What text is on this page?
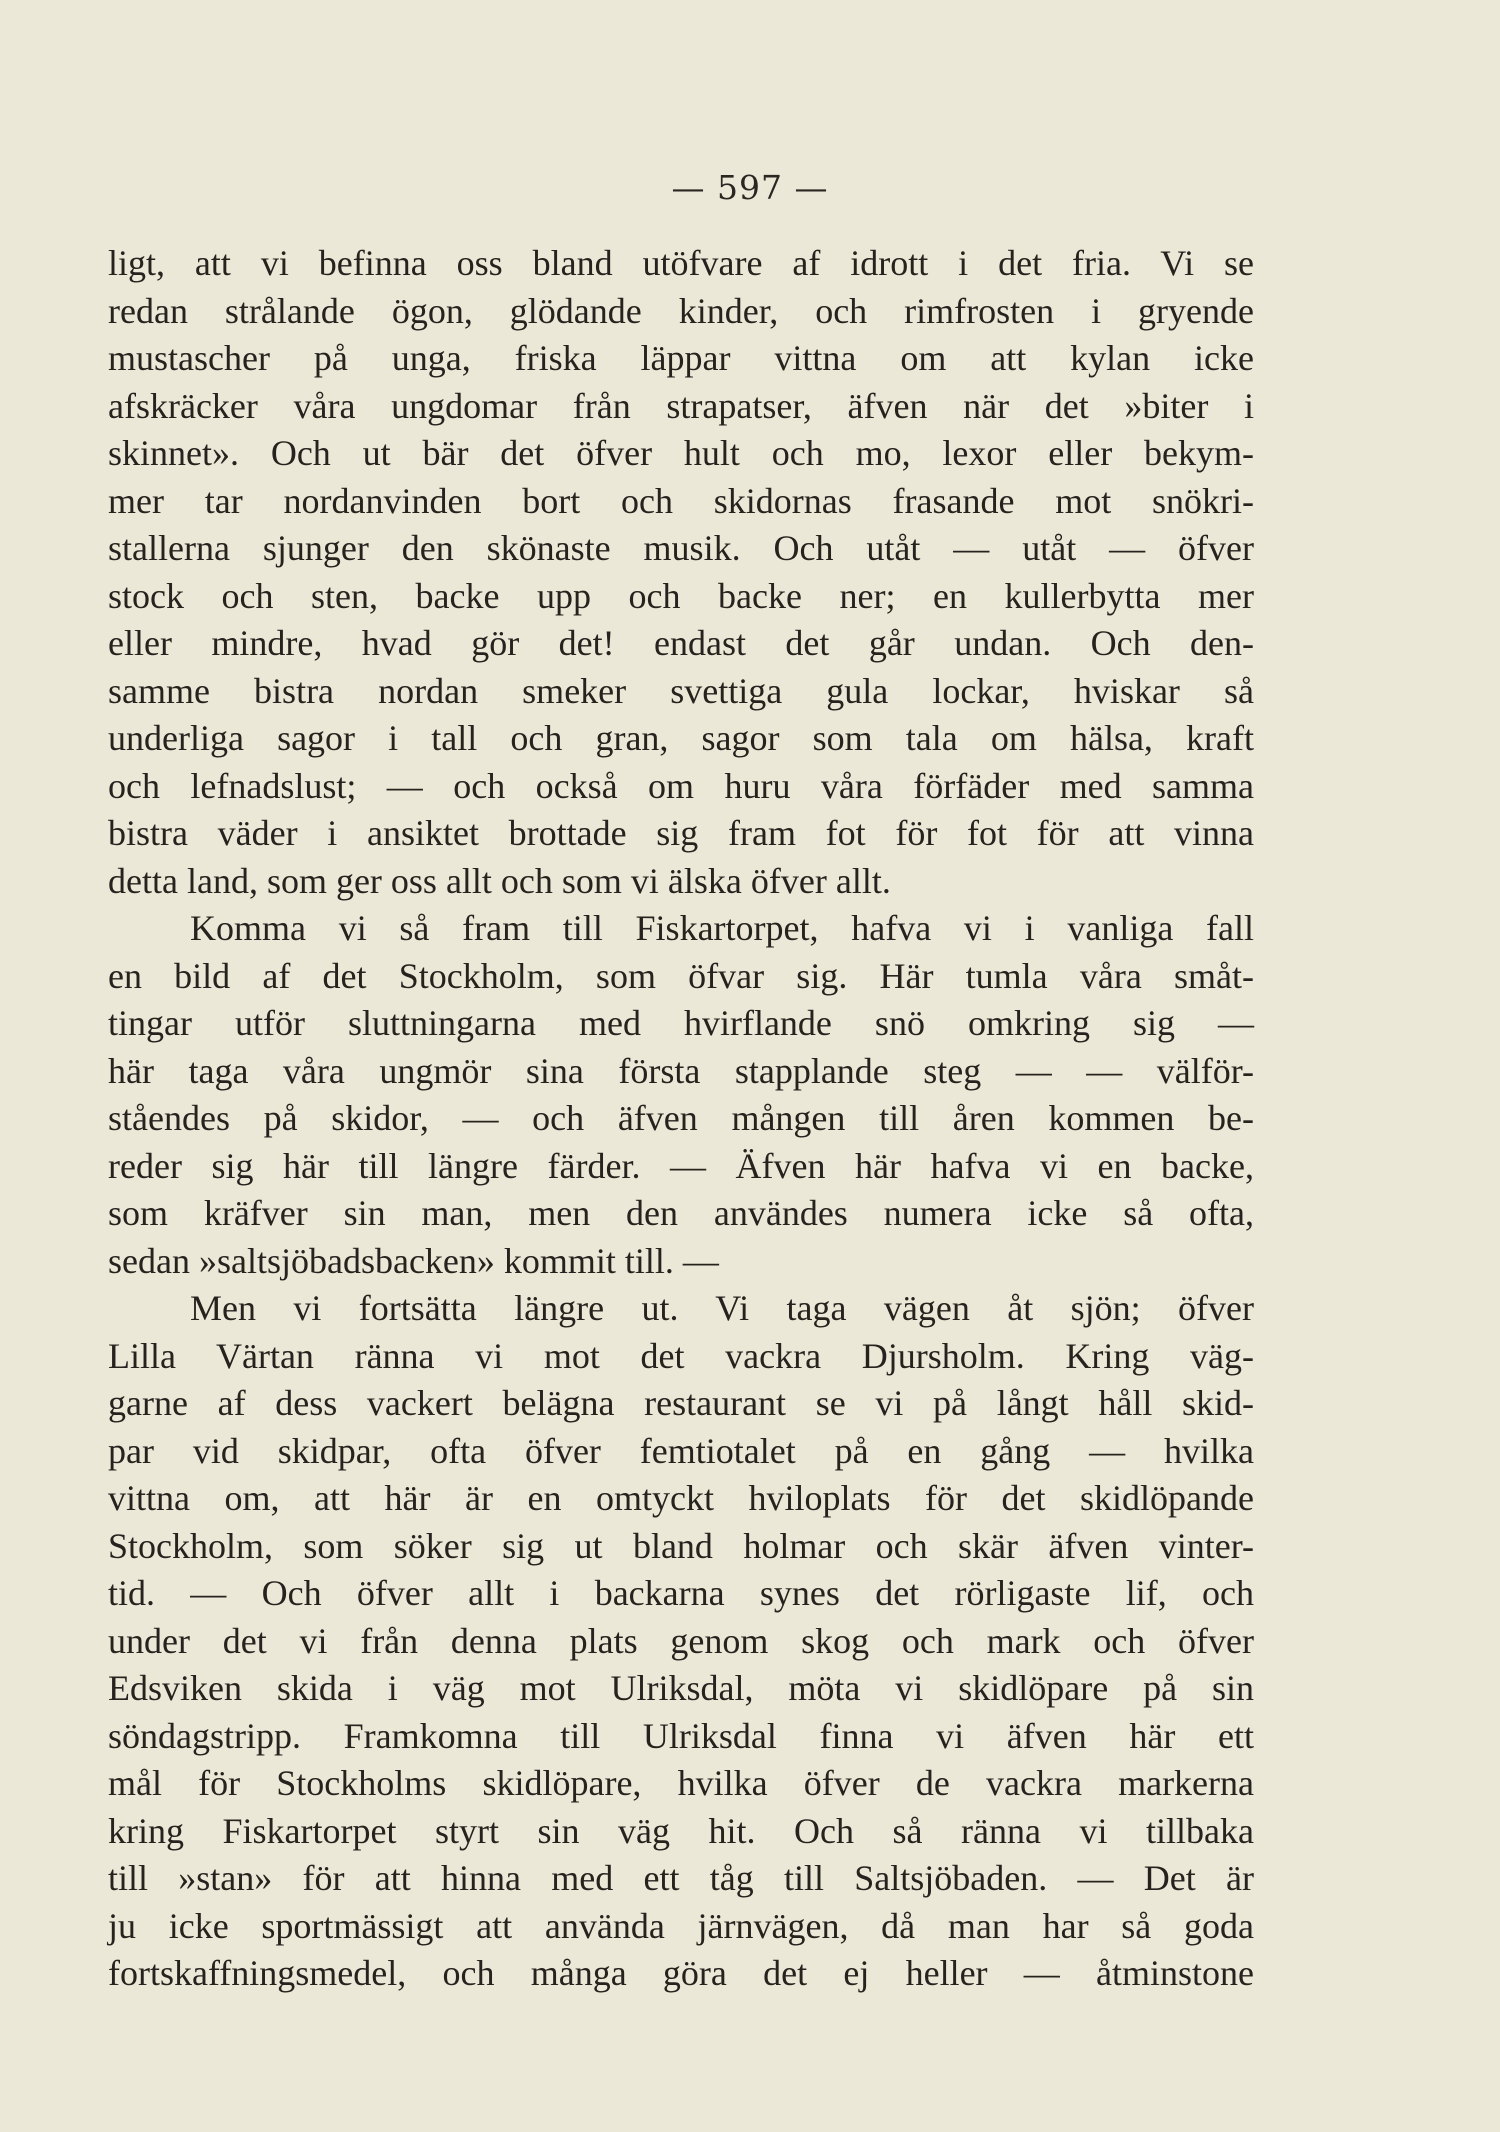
— 597 —
ligt, att vi befinna oss bland utöfvare af idrott i det fria. Vi se
redan strålande ögon, glödande kinder, och rimfrosten i gryende
mustascher på unga, friska läppar vittna om att kylan icke
afskräcker våra ungdomar från strapatser, äfven när det »biter i
skinnet». Och ut bär det öfver hult och mo, lexor eller bekym-
mer tar nordanvinden bort och skidornas frasande mot snökri-
stallerna sjunger den skönaste musik. Och utåt — utåt — öfver
stock och sten, backe upp och backe ner; en kullerbytta mer
eller mindre, hvad gör det! endast det går undan. Och den-
samme bistra nordan smeker svettiga gula lockar, hviskar så
underliga sagor i tall och gran, sagor som tala om hälsa, kraft
och lefnadslust; — och också om huru våra förfäder med samma
bistra väder i ansiktet brottade sig fram fot för fot för att vinna
detta land, som ger oss allt och som vi älska öfver allt.
Komma vi så fram till Fiskartorpet, hafva vi i vanliga fall
en bild af det Stockholm, som öfvar sig. Här tumla våra småt-
tingar utför sluttningarna med hvirflande snö omkring sig —
här taga våra ungmör sina första stapplande steg — — välför-
ståendes på skidor, — och äfven mången till åren kommen be-
reder sig här till längre färder. — Äfven här hafva vi en backe,
som kräfver sin man, men den användes numera icke så ofta,
sedan »saltsjöbadsbacken» kommit till. —
Men vi fortsätta längre ut. Vi taga vägen åt sjön; öfver
Lilla Värtan ränna vi mot det vackra Djursholm. Kring väg-
garne af dess vackert belägna restaurant se vi på långt håll skid-
par vid skidpar, ofta öfver femtiotalet på en gång — hvilka
vittna om, att här är en omtyckt hviloplats för det skidlöpande
Stockholm, som söker sig ut bland holmar och skär äfven vinter-
tid. — Och öfver allt i backarna synes det rörligaste lif, och
under det vi från denna plats genom skog och mark och öfver
Edsviken skida i väg mot Ulriksdal, möta vi skidlöpare på sin
söndagstripp. Framkomna till Ulriksdal finna vi äfven här ett
mål för Stockholms skidlöpare, hvilka öfver de vackra markerna
kring Fiskartorpet styrt sin väg hit. Och så ränna vi tillbaka
till »stan» för att hinna med ett tåg till Saltsjöbaden. — Det är
ju icke sportmässigt att använda järnvägen, då man har så goda
fortskaffningsmedel, och många göra det ej heller — åtminstone
